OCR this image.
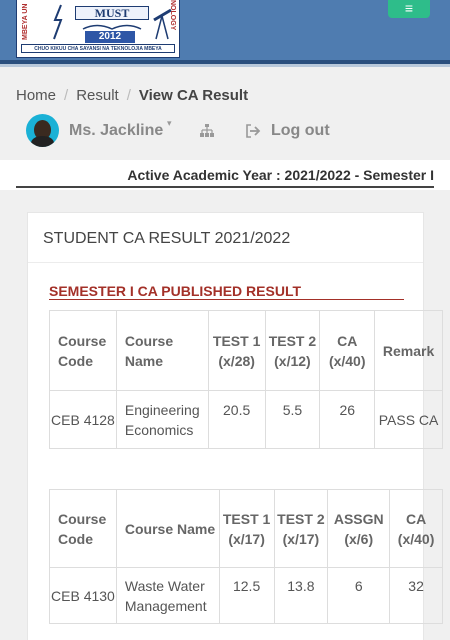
MBEYA UN	MUST
2012
NOLOGY
CHUO KIKUU CHA SAYANSI NA TEKNOLOJIA MBEYA
≡
Home / Result / View CA Result
Ms. Jackline ▾	Log out
Active Academic Year : 2021/2022 - Semester I
STUDENT CA RESULT 2021/2022
SEMESTER I CA PUBLISHED RESULT
Course Code	Course Name	TEST 1 (x/28)	TEST 2 (x/12)	CA (x/40)	Remark
CEB 4128	Engineering Economics	20.5	5.5	26	PASS CA
Course Code	Course Name	TEST 1 (x/17)	TEST 2 (x/17)	ASSGN (x/6)	CA (x/40)
CEB 4130	Waste Water Management	12.5	13.8	6	32
